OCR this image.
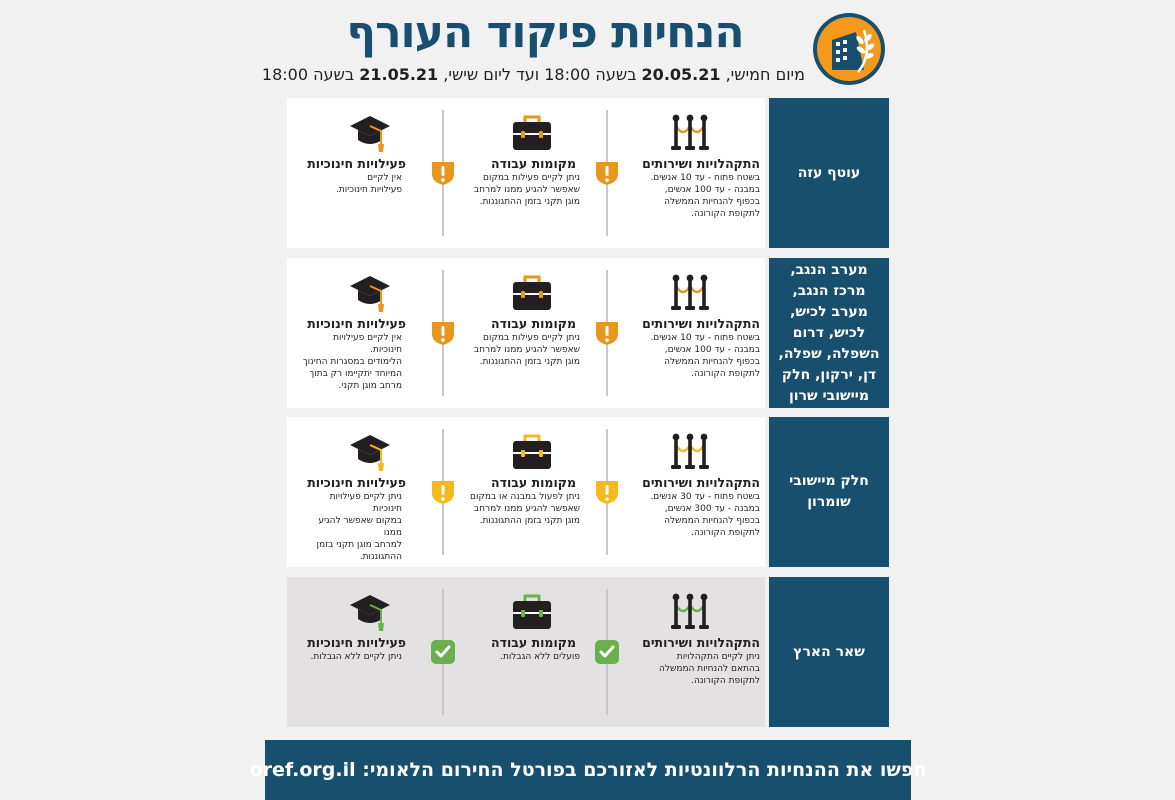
הנחיות פיקוד העורף
מיום חמישי, 20.05.21 בשעה 18:00 ועד ליום שישי, 21.05.21 בשעה 18:00
התקהלויות ושירותים
בשטח פתוח - עד 10 אנשים.
במבנה - עד 100 אנשים,
בכפוף להנחיות הממשלה
לתקופת הקורונה.
מקומות עבודה
ניתן לקיים פעילות במקום
שאפשר להגיע ממנו למרחב
מוגן תקני בזמן ההתגוננות.
פעילויות חינוכיות
אין לקיים
פעילויות חינוכיות.
עוטף עזה
התקהלויות ושירותים
בשטח פתוח - עד 10 אנשים.
במבנה - עד 100 אנשים,
בכפוף להנחיות הממשלה
לתקופת הקורונה.
מקומות עבודה
ניתן לקיים פעילות במקום
שאפשר להגיע ממנו למרחב
מוגן תקני בזמן ההתגוננות.
פעילויות חינוכיות
אין לקיים פעילויות חינוכיות.
הלימודים במסגרות החינוך
המיוחד יתקיימו רק בתוך
מרחב מוגן תקני.
מערב הנגב, מרכז הנגב, מערב לכיש, לכיש, דרום השפלה, שפלה, דן, ירקון, חלק מיישובי שרון
התקהלויות ושירותים
בשטח פתוח - עד 30 אנשים.
במבנה - עד 300 אנשים,
בכפוף להנחיות הממשלה
לתקופת הקורונה.
מקומות עבודה
ניתן לפעול במבנה או במקום
שאפשר להגיע ממנו למרחב
מוגן תקני בזמן ההתגוננות.
פעילויות חינוכיות
ניתן לקיים פעילויות חינוכיות
במקום שאפשר להגיע ממנו
למרחב מוגן תקני בזמן
ההתגוננות.
חלק מיישובי שומרון
התקהלויות ושירותים
ניתן לקיים התקהלויות
בהתאם להנחיות הממשלה
לתקופת הקורונה.
מקומות עבודה
פועלים ללא הגבלות.
פעילויות חינוכיות
ניתן לקיים ללא הגבלות.	שאר הארץ
חפשו את ההנחיות הרלוונטיות לאזורכם בפורטל החירום הלאומי:

oref.org.il
